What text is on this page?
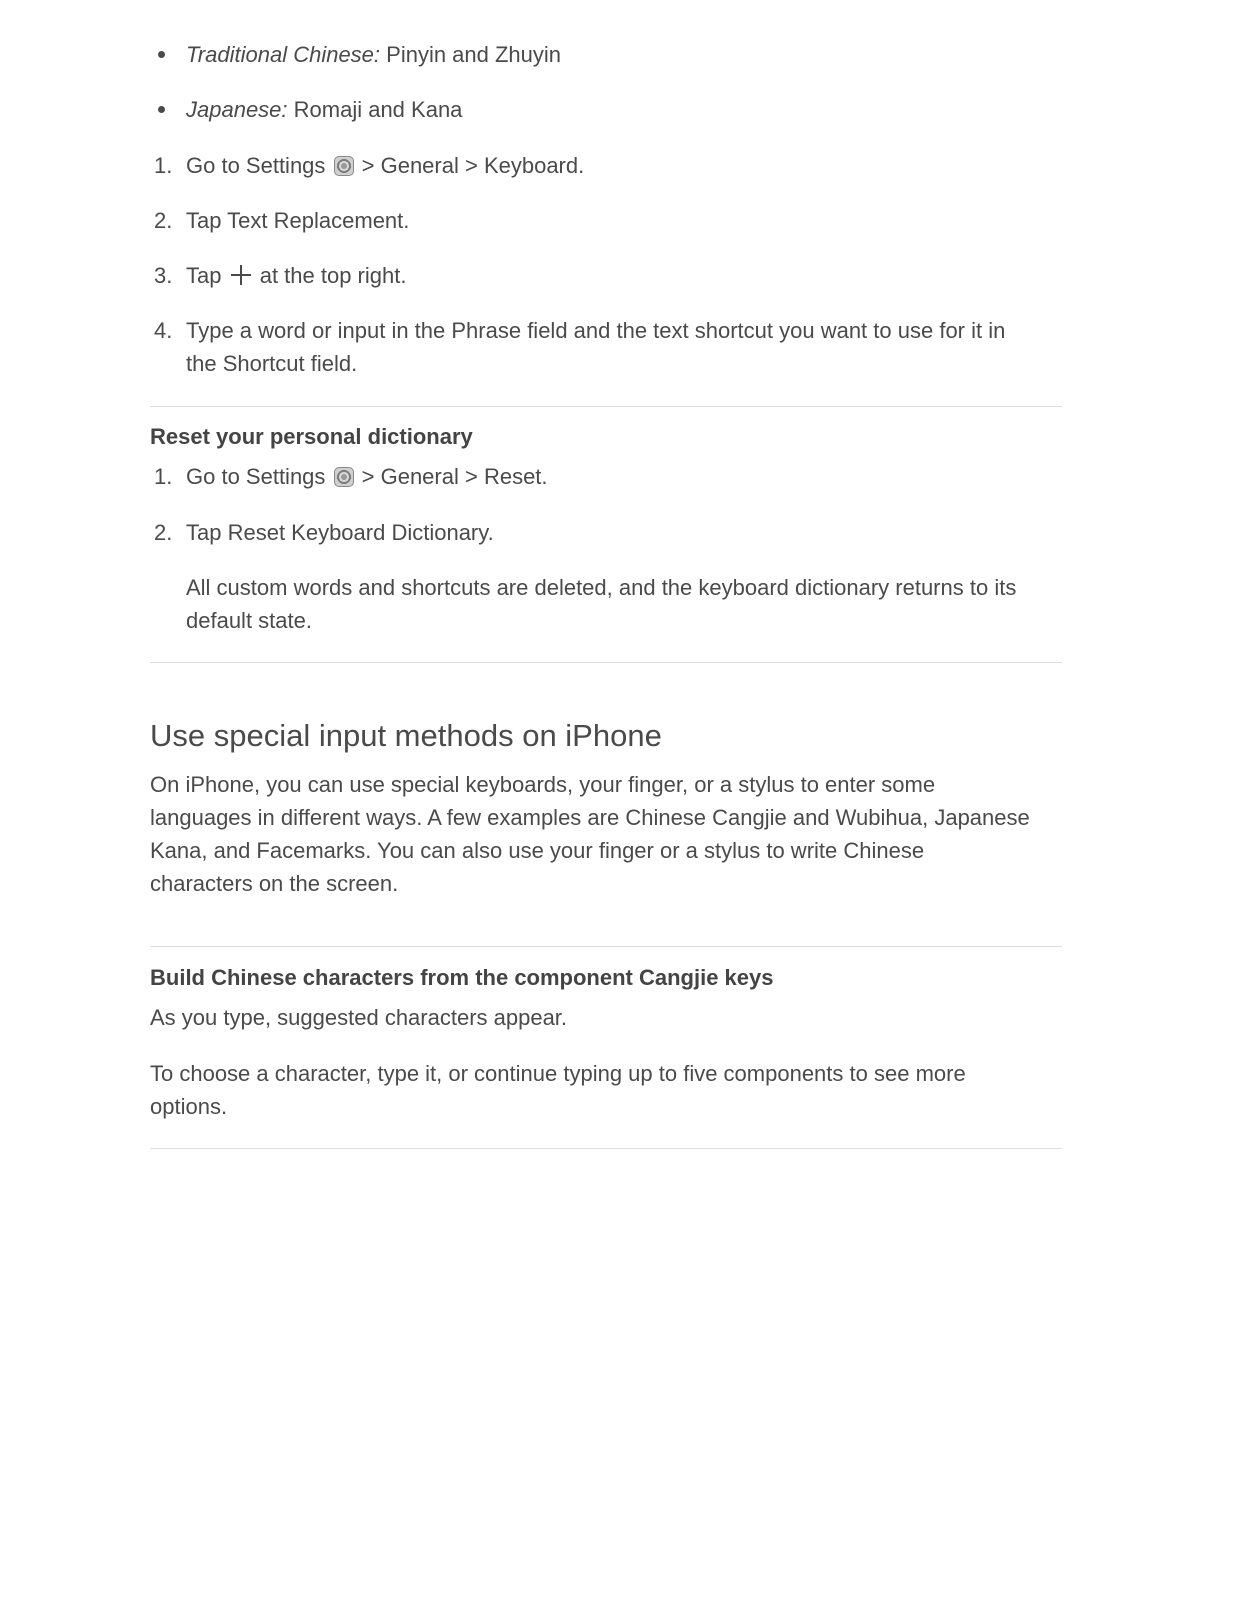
Traditional Chinese: Pinyin and Zhuyin
Japanese: Romaji and Kana
1. Go to Settings  > General > Keyboard.
2. Tap Text Replacement.
3. Tap  at the top right.
4. Type a word or input in the Phrase field and the text shortcut you want to use for it in
the Shortcut field.
Reset your personal dictionary
1. Go to Settings  > General > Reset.
2. Tap Reset Keyboard Dictionary.
All custom words and shortcuts are deleted, and the keyboard dictionary returns to its
default state.
Use special input methods on iPhone
On iPhone, you can use special keyboards, your finger, or a stylus to enter some
languages in different ways. A few examples are Chinese Cangjie and Wubihua, Japanese
Kana, and Facemarks. You can also use your finger or a stylus to write Chinese
characters on the screen.
Build Chinese characters from the component Cangjie keys
As you type, suggested characters appear.
To choose a character, type it, or continue typing up to five components to see more
options.
